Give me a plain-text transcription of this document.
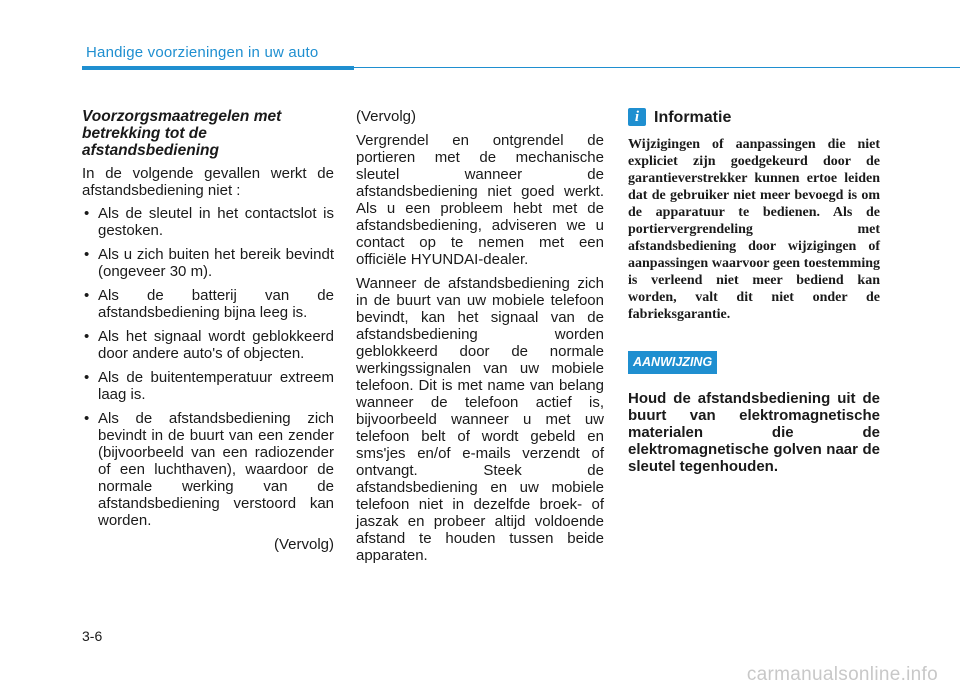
Handige voorzieningen in uw auto
Voorzorgsmaatregelen met betrekking tot de afstandsbediening

In de volgende gevallen werkt de afstandsbediening niet :

• Als de sleutel in het contactslot is gestoken.
• Als u zich buiten het bereik bevindt (ongeveer 30 m).
• Als de batterij van de afstandsbediening bijna leeg is.
• Als het signaal wordt geblokkeerd door andere auto's of objecten.
• Als de buitentemperatuur extreem laag is.
• Als de afstandsbediening zich bevindt in de buurt van een zender (bijvoorbeeld van een radiozender of een luchthaven), waardoor de normale werking van de afstandsbediening verstoord kan worden.

(Vervolg)

(Vervolg)

Vergrendel en ontgrendel de portieren met de mechanische sleutel wanneer de afstandsbediening niet goed werkt. Als u een probleem hebt met de afstandsbediening, adviseren we u contact op te nemen met een officiële HYUNDAI-dealer.

Wanneer de afstandsbediening zich in de buurt van uw mobiele telefoon bevindt, kan het signaal van de afstandsbediening worden geblokkeerd door de normale werkingssignalen van uw mobiele telefoon. Dit is met name van belang wanneer de telefoon actief is, bijvoorbeeld wanneer u met uw telefoon belt of wordt gebeld en sms'jes en/of e-mails verzendt of ontvangt. Steek de afstandsbediening en uw mobiele telefoon niet in dezelfde broek- of jaszak en probeer altijd voldoende afstand te houden tussen beide apparaten.

i Informatie

Wijzigingen of aanpassingen die niet expliciet zijn goedgekeurd door de garantieverstrekker kunnen ertoe leiden dat de gebruiker niet meer bevoegd is om de apparatuur te bedienen. Als de portiervergrendeling met afstandsbediening door wijzigingen of aanpassingen waarvoor geen toestemming is verleend niet meer bediend kan worden, valt dit niet onder de fabrieksgarantie.

AANWIJZING

Houd de afstandsbediening uit de buurt van elektromagnetische materialen die de elektromagnetische golven naar de sleutel tegenhouden.

3-6
carmanualsonline.info
